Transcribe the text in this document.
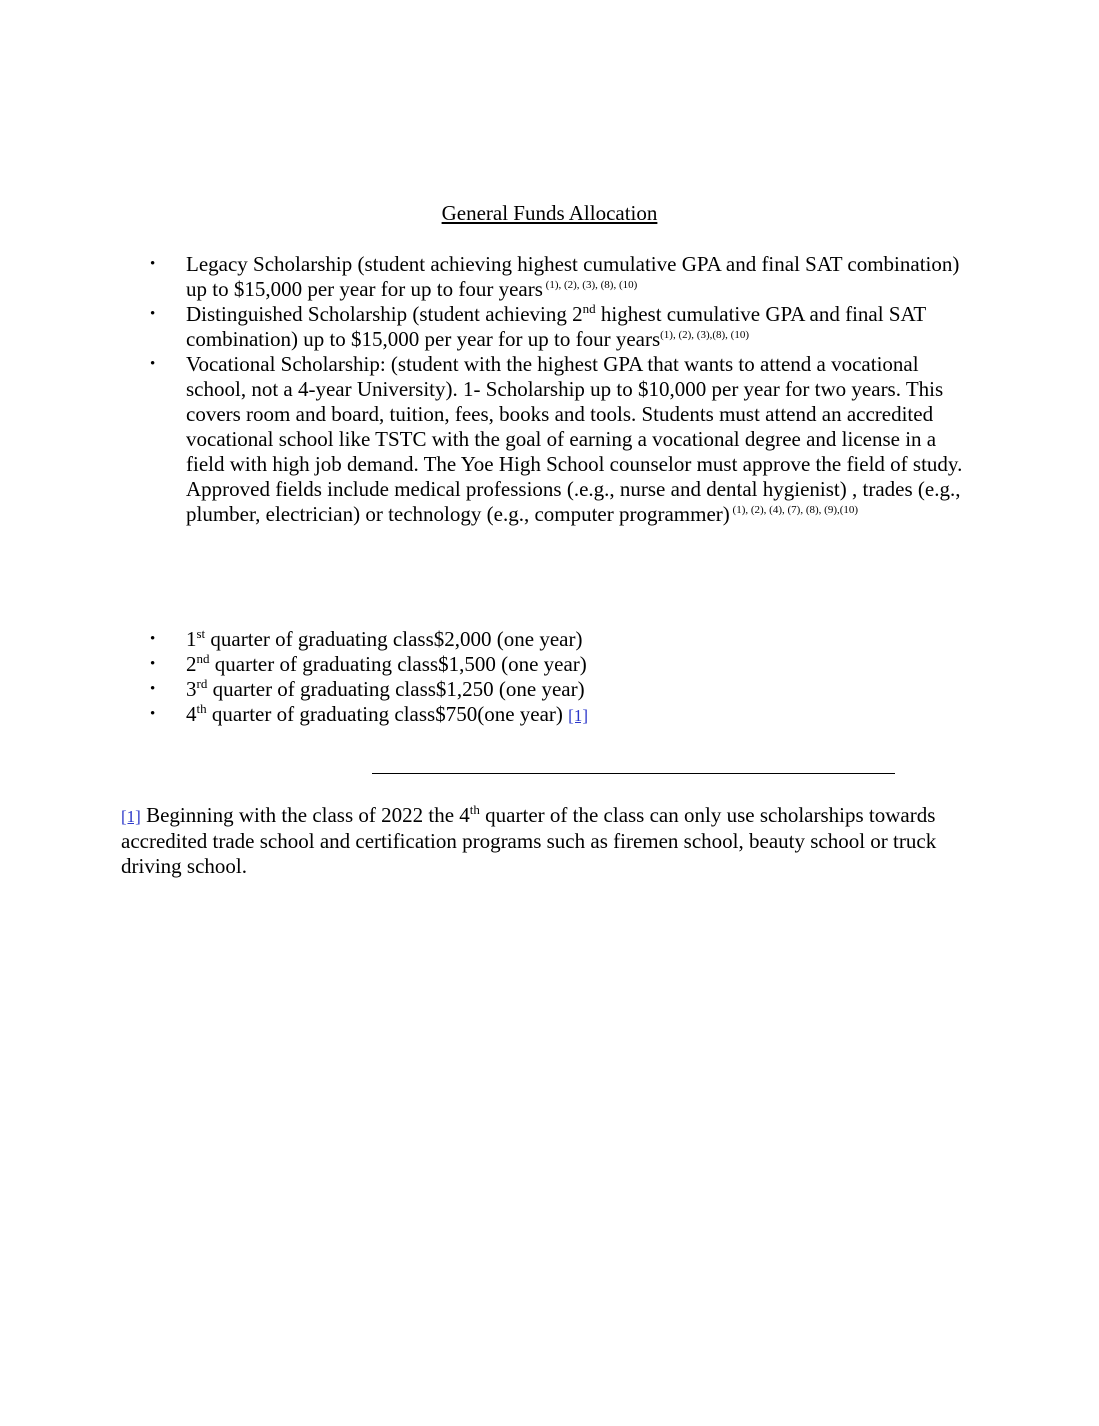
General Funds Allocation
•	Legacy Scholarship (student achieving highest cumulative GPA and final SAT combination) up to $15,000 per year for up to four years $^{(1), (2), (3), (8), (10)}$
•	Distinguished Scholarship (student achieving 2nd highest cumulative GPA and final SAT combination) up to $15,000 per year for up to four years$^{(1), (2), (3),(8), (10)}$
•	Vocational Scholarship: (student with the highest GPA that wants to attend a vocational school, not a 4-year University). 1- Scholarship up to $10,000 per year for two years. This covers room and board, tuition, fees, books and tools. Students must attend an accredited vocational school like TSTC with the goal of earning a vocational degree and license in a field with high job demand. The Yoe High School counselor must approve the field of study. Approved fields include medical professions (.e.g., nurse and dental hygienist) , trades (e.g., plumber, electrician) or technology (e.g., computer programmer) $^{(1), (2), (4), (7), (8), (9),(10)}$
•	1st quarter of graduating class$2,000 (one year)
•	2nd quarter of graduating class$1,500 (one year)
•	3rd quarter of graduating class$1,250 (one year)
•	4th quarter of graduating class$750(one year) [1]
[1] Beginning with the class of 2022 the 4th quarter of the class can only use scholarships towards accredited trade school and certification programs such as firemen school, beauty school or truck driving school.
